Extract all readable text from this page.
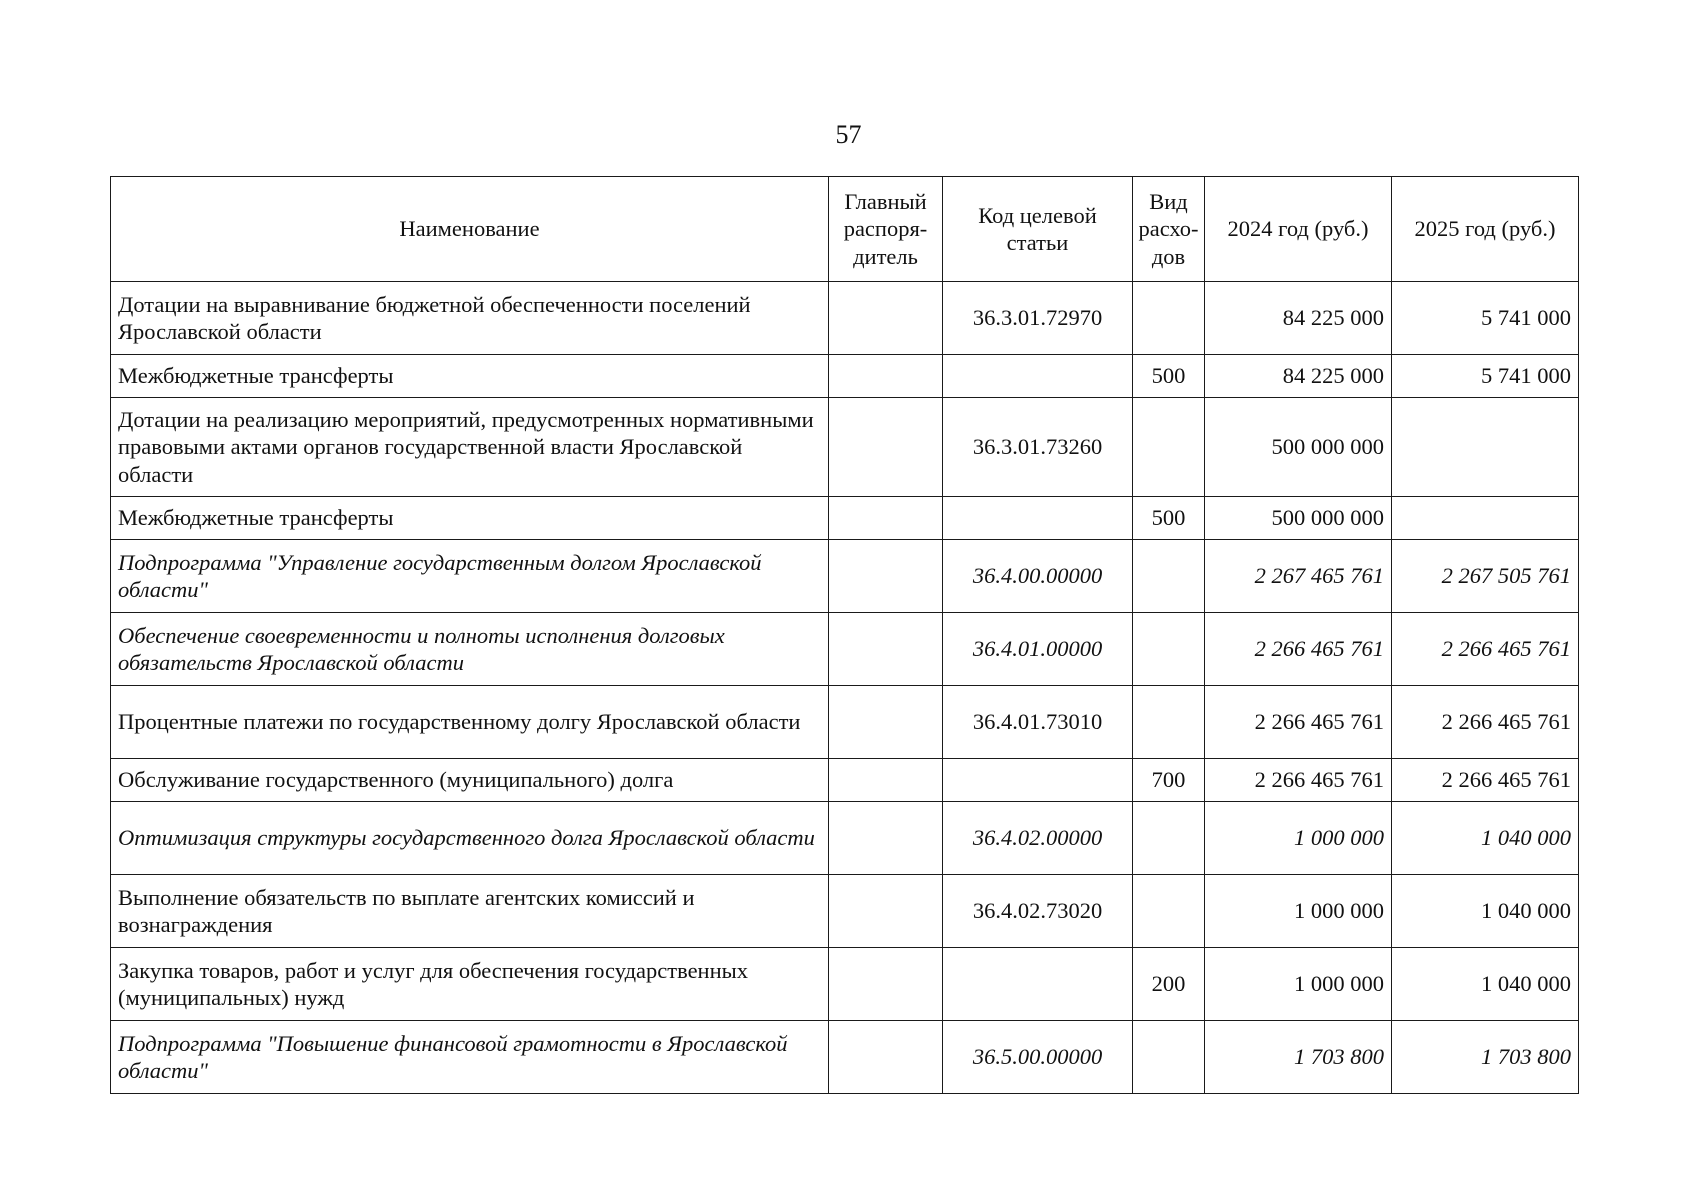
57
Наименование	Главный распоря-дитель	Код целевой статьи	Вид расхо-дов	2024 год (руб.)	2025 год (руб.)
Дотации на выравнивание бюджетной обеспеченности поселений Ярославской области		36.3.01.72970		84 225 000	5 741 000
Межбюджетные трансферты			500	84 225 000	5 741 000
Дотации на реализацию мероприятий, предусмотренных нормативными правовыми актами органов государственной власти Ярославской области		36.3.01.73260		500 000 000	
Межбюджетные трансферты			500	500 000 000	
Подпрограмма "Управление государственным долгом Ярославской области"		36.4.00.00000		2 267 465 761	2 267 505 761
Обеспечение своевременности и полноты исполнения долговых обязательств Ярославской области		36.4.01.00000		2 266 465 761	2 266 465 761
Процентные платежи по государственному долгу Ярославской области		36.4.01.73010		2 266 465 761	2 266 465 761
Обслуживание государственного (муниципального) долга			700	2 266 465 761	2 266 465 761
Оптимизация структуры государственного долга Ярославской области		36.4.02.00000		1 000 000	1 040 000
Выполнение обязательств по выплате агентских комиссий и вознаграждения		36.4.02.73020		1 000 000	1 040 000
Закупка товаров, работ и услуг для обеспечения государственных (муниципальных) нужд			200	1 000 000	1 040 000
Подпрограмма "Повышение финансовой грамотности в Ярославской области"		36.5.00.00000		1 703 800	1 703 800
